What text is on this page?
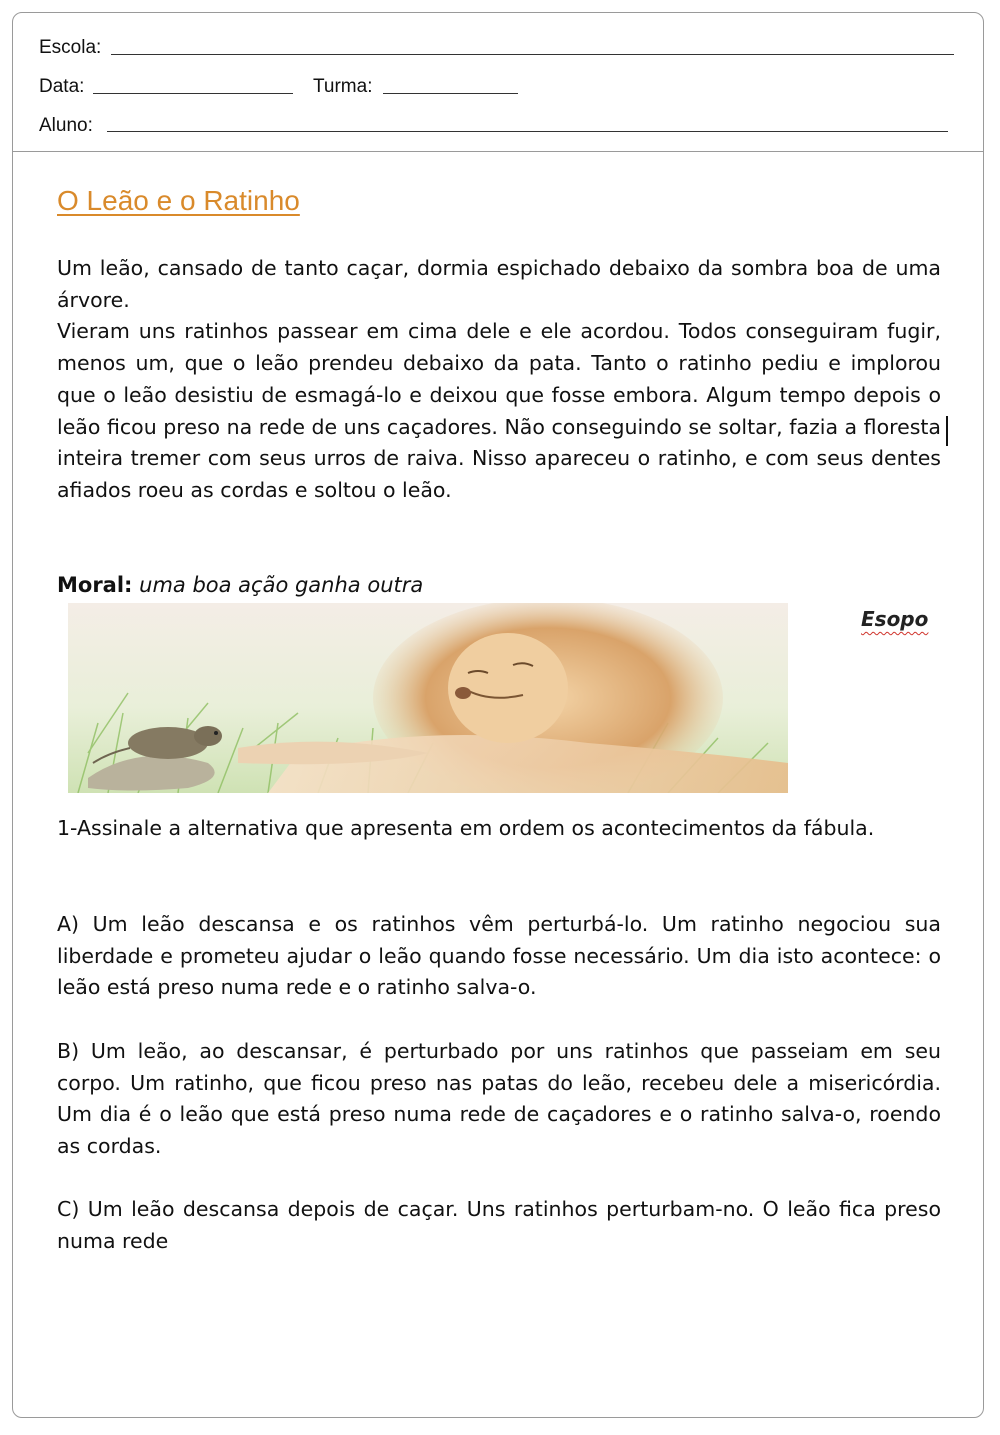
Escola:
Data:	Turma:
Aluno:
O Leão e o Ratinho

Um leão, cansado de tanto caçar, dormia espichado debaixo da sombra boa de uma árvore.

Vieram uns ratinhos passear em cima dele e ele acordou. Todos conseguiram fugir, menos um, que o leão prendeu debaixo da pata. Tanto o ratinho pediu e implorou que o leão desistiu de esmagá-lo e deixou que fosse embora. Algum tempo depois o leão ficou preso na rede de uns caçadores. Não conseguindo se soltar, fazia a floresta inteira tremer com seus urros de raiva. Nisso apareceu o ratinho, e com seus dentes afiados roeu as cordas e soltou o leão.

Moral: uma boa ação ganha outra
Esopo
1-Assinale a alternativa que apresenta em ordem os acontecimentos da fábula.
A) Um leão descansa e os ratinhos vêm perturbá-lo. Um ratinho negociou sua liberdade e prometeu ajudar o leão quando fosse necessário. Um dia isto acontece: o leão está preso numa rede e o ratinho salva-o.
B) Um leão, ao descansar, é perturbado por uns ratinhos que passeiam em seu corpo. Um ratinho, que ficou preso nas patas do leão, recebeu dele a misericórdia. Um dia é o leão que está preso numa rede de caçadores e o ratinho salva-o, roendo as cordas.
C) Um leão descansa depois de caçar. Uns ratinhos perturbam-no. O leão fica preso numa rede
